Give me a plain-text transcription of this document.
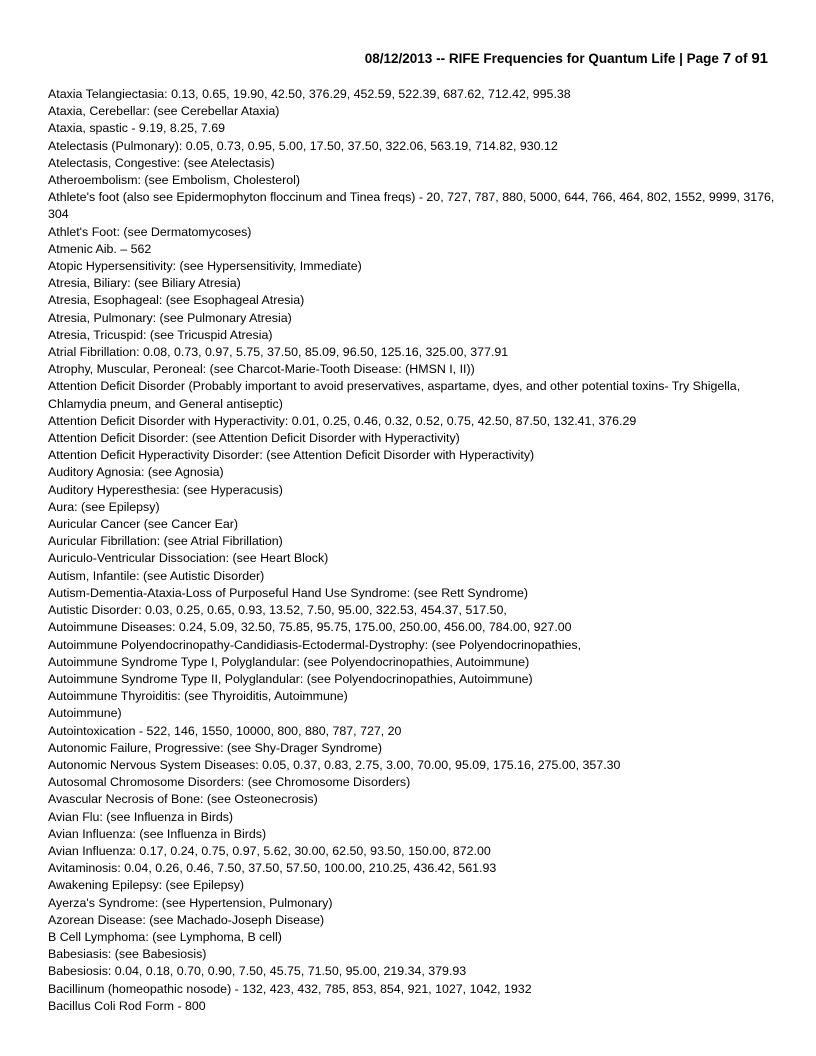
08/12/2013 -- RIFE Frequencies for Quantum Life | Page 7 of 91
Ataxia Telangiectasia: 0.13, 0.65, 19.90, 42.50, 376.29, 452.59, 522.39, 687.62, 712.42, 995.38
Ataxia, Cerebellar: (see Cerebellar Ataxia)
Ataxia, spastic - 9.19, 8.25, 7.69
Atelectasis (Pulmonary): 0.05, 0.73, 0.95, 5.00, 17.50, 37.50, 322.06, 563.19, 714.82, 930.12
Atelectasis, Congestive: (see Atelectasis)
Atheroembolism: (see Embolism, Cholesterol)
Athlete's foot (also see Epidermophyton floccinum and Tinea freqs) - 20, 727, 787, 880, 5000, 644, 766, 464, 802, 1552, 9999, 3176, 304
Athlet's Foot: (see Dermatomycoses)
Atmenic Aib. – 562
Atopic Hypersensitivity: (see Hypersensitivity, Immediate)
Atresia, Biliary: (see Biliary Atresia)
Atresia, Esophageal: (see Esophageal Atresia)
Atresia, Pulmonary: (see Pulmonary Atresia)
Atresia, Tricuspid: (see Tricuspid Atresia)
Atrial Fibrillation: 0.08, 0.73, 0.97, 5.75, 37.50, 85.09, 96.50, 125.16, 325.00, 377.91
Atrophy, Muscular, Peroneal: (see Charcot-Marie-Tooth Disease: (HMSN I, II))
Attention Deficit Disorder (Probably important to avoid preservatives, aspartame, dyes, and other potential toxins- Try Shigella, Chlamydia pneum, and General antiseptic)
Attention Deficit Disorder with Hyperactivity: 0.01, 0.25, 0.46, 0.32, 0.52, 0.75, 42.50, 87.50, 132.41, 376.29
Attention Deficit Disorder: (see Attention Deficit Disorder with Hyperactivity)
Attention Deficit Hyperactivity Disorder: (see Attention Deficit Disorder with Hyperactivity)
Auditory Agnosia: (see Agnosia)
Auditory Hyperesthesia: (see Hyperacusis)
Aura: (see Epilepsy)
Auricular Cancer (see Cancer Ear)
Auricular Fibrillation: (see Atrial Fibrillation)
Auriculo-Ventricular Dissociation: (see Heart Block)
Autism, Infantile: (see Autistic Disorder)
Autism-Dementia-Ataxia-Loss of Purposeful Hand Use Syndrome: (see Rett Syndrome)
Autistic Disorder: 0.03, 0.25, 0.65, 0.93, 13.52, 7.50, 95.00, 322.53, 454.37, 517.50,
Autoimmune Diseases: 0.24, 5.09, 32.50, 75.85, 95.75, 175.00, 250.00, 456.00, 784.00, 927.00
Autoimmune Polyendocrinopathy-Candidiasis-Ectodermal-Dystrophy: (see Polyendocrinopathies,
Autoimmune Syndrome Type I, Polyglandular: (see Polyendocrinopathies, Autoimmune)
Autoimmune Syndrome Type II, Polyglandular: (see Polyendocrinopathies, Autoimmune)
Autoimmune Thyroiditis: (see Thyroiditis, Autoimmune)
Autoimmune)
Autointoxication - 522, 146, 1550, 10000, 800, 880, 787, 727, 20
Autonomic Failure, Progressive: (see Shy-Drager Syndrome)
Autonomic Nervous System Diseases: 0.05, 0.37, 0.83, 2.75, 3.00, 70.00, 95.09, 175.16, 275.00, 357.30
Autosomal Chromosome Disorders: (see Chromosome Disorders)
Avascular Necrosis of Bone: (see Osteonecrosis)
Avian Flu: (see Influenza in Birds)
Avian Influenza: (see Influenza in Birds)
Avian Influenza: 0.17, 0.24, 0.75, 0.97, 5.62, 30.00, 62.50, 93.50, 150.00, 872.00
Avitaminosis: 0.04, 0.26, 0.46, 7.50, 37.50, 57.50, 100.00, 210.25, 436.42, 561.93
Awakening Epilepsy: (see Epilepsy)
Ayerza's Syndrome: (see Hypertension, Pulmonary)
Azorean Disease: (see Machado-Joseph Disease)
B Cell Lymphoma: (see Lymphoma, B cell)
Babesiasis: (see Babesiosis)
Babesiosis: 0.04, 0.18, 0.70, 0.90, 7.50, 45.75, 71.50, 95.00, 219.34, 379.93
Bacillinum (homeopathic nosode) - 132, 423, 432, 785, 853, 854, 921, 1027, 1042, 1932
Bacillus Coli Rod Form - 800
